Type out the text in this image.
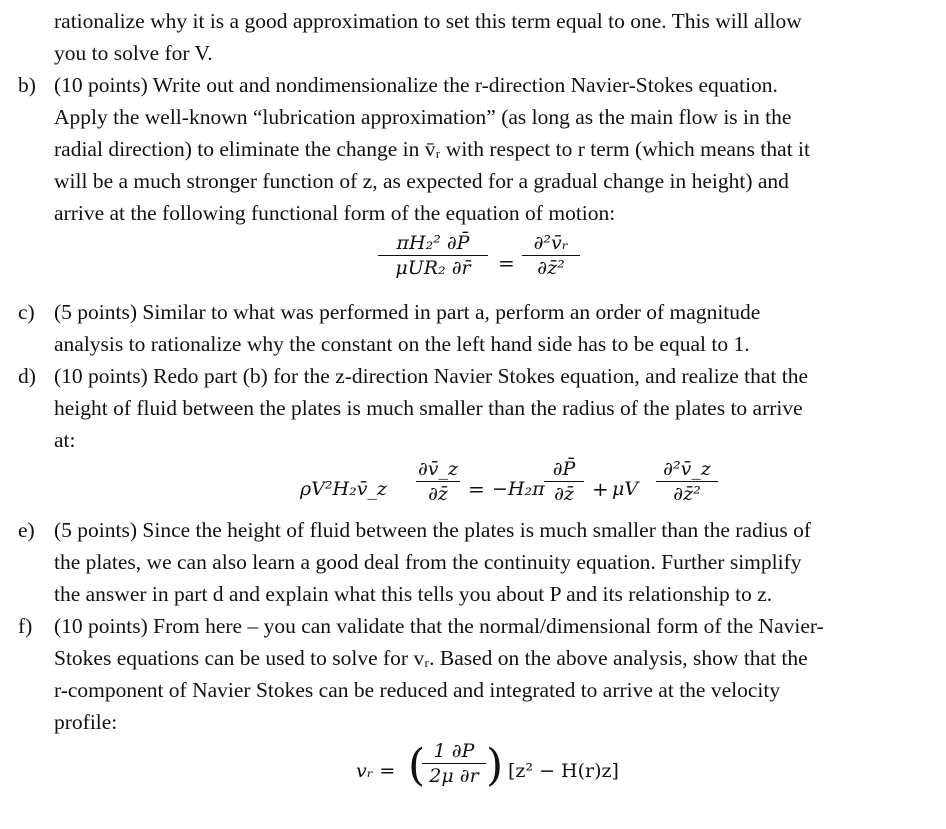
rationalize why it is a good approximation to set this term equal to one. This will allow
you to solve for V.
b) (10 points) Write out and nondimensionalize the r-direction Navier-Stokes equation.
Apply the well-known “lubrication approximation” (as long as the main flow is in the
radial direction) to eliminate the change in v̄ᵣ with respect to r term (which means that it
will be a much stronger function of z, as expected for a gradual change in height) and
arrive at the following functional form of the equation of motion:
πH₂² ∂P̄
μUR₂ ∂r̄	=
∂²v̄ᵣ
∂z̄²
c) (5 points) Similar to what was performed in part a, perform an order of magnitude
analysis to rationalize why the constant on the left hand side has to be equal to 1.
d) (10 points) Redo part (b) for the z-direction Navier Stokes equation, and realize that the
height of fluid between the plates is much smaller than the radius of the plates to arrive
at:
ρV²H₂v̄_z
∂v̄_z
∂z̄	= −H₂π
∂P̄
∂z̄ + μV
∂²v̄_z
∂z̄²
e) (5 points) Since the height of fluid between the plates is much smaller than the radius of
the plates, we can also learn a good deal from the continuity equation. Further simplify
the answer in part d and explain what this tells you about P and its relationship to z.
f) (10 points) From here – you can validate that the normal/dimensional form of the Navier-
Stokes equations can be used to solve for vᵣ. Based on the above analysis, show that the
r-component of Navier Stokes can be reduced and integrated to arrive at the velocity
profile:
vᵣ = ( 1 ∂P
2μ ∂r ) [z² − H(r)z]
